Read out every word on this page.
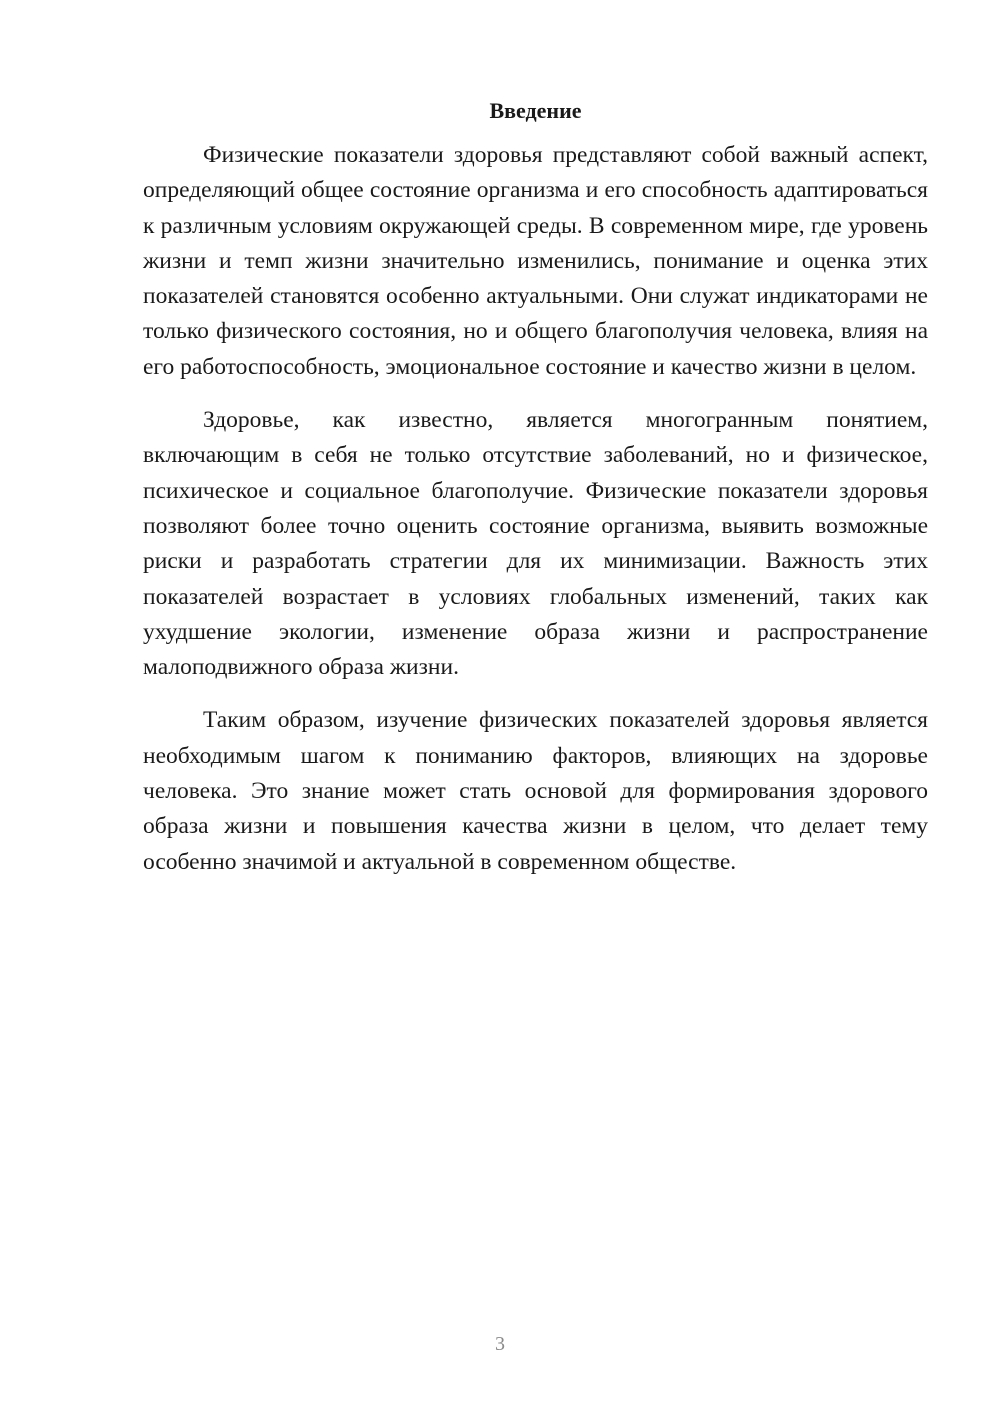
Введение

Физические показатели здоровья представляют собой важный аспект, определяющий общее состояние организма и его способность адаптироваться к различным условиям окружающей среды. В современном мире, где уровень жизни и темп жизни значительно изменились, понимание и оценка этих показателей становятся особенно актуальными. Они служат индикаторами не только физического состояния, но и общего благополучия человека, влияя на его работоспособность, эмоциональное состояние и качество жизни в целом.

Здоровье, как известно, является многогранным понятием, включающим в себя не только отсутствие заболеваний, но и физическое, психическое и социальное благополучие. Физические показатели здоровья позволяют более точно оценить состояние организма, выявить возможные риски и разработать стратегии для их минимизации. Важность этих показателей возрастает в условиях глобальных изменений, таких как ухудшение экологии, изменение образа жизни и распространение малоподвижного образа жизни.

Таким образом, изучение физических показателей здоровья является необходимым шагом к пониманию факторов, влияющих на здоровье человека. Это знание может стать основой для формирования здорового образа жизни и повышения качества жизни в целом, что делает тему особенно значимой и актуальной в современном обществе.

3
